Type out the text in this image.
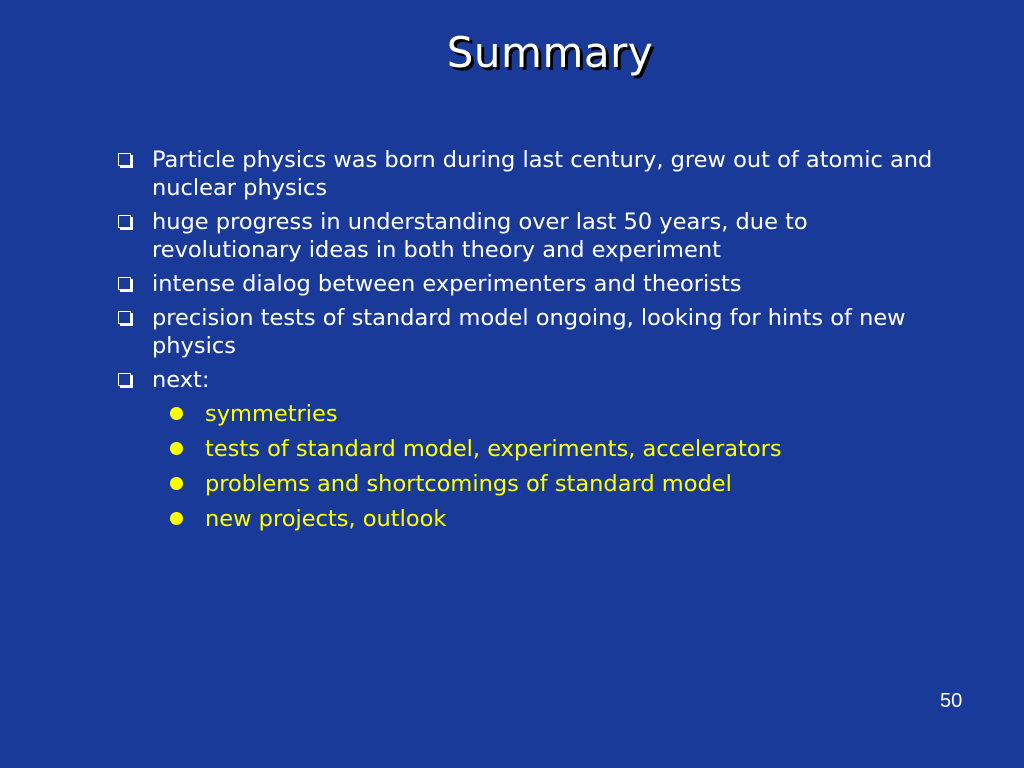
Summary
Particle physics was born during last century, grew out of atomic and nuclear physics
huge progress in understanding over last 50 years, due to revolutionary ideas in both theory and experiment
intense dialog between experimenters and theorists
precision tests of standard model ongoing, looking for hints of new physics
next:
symmetries
tests of standard model, experiments, accelerators
problems and shortcomings of standard model
new projects, outlook
50
